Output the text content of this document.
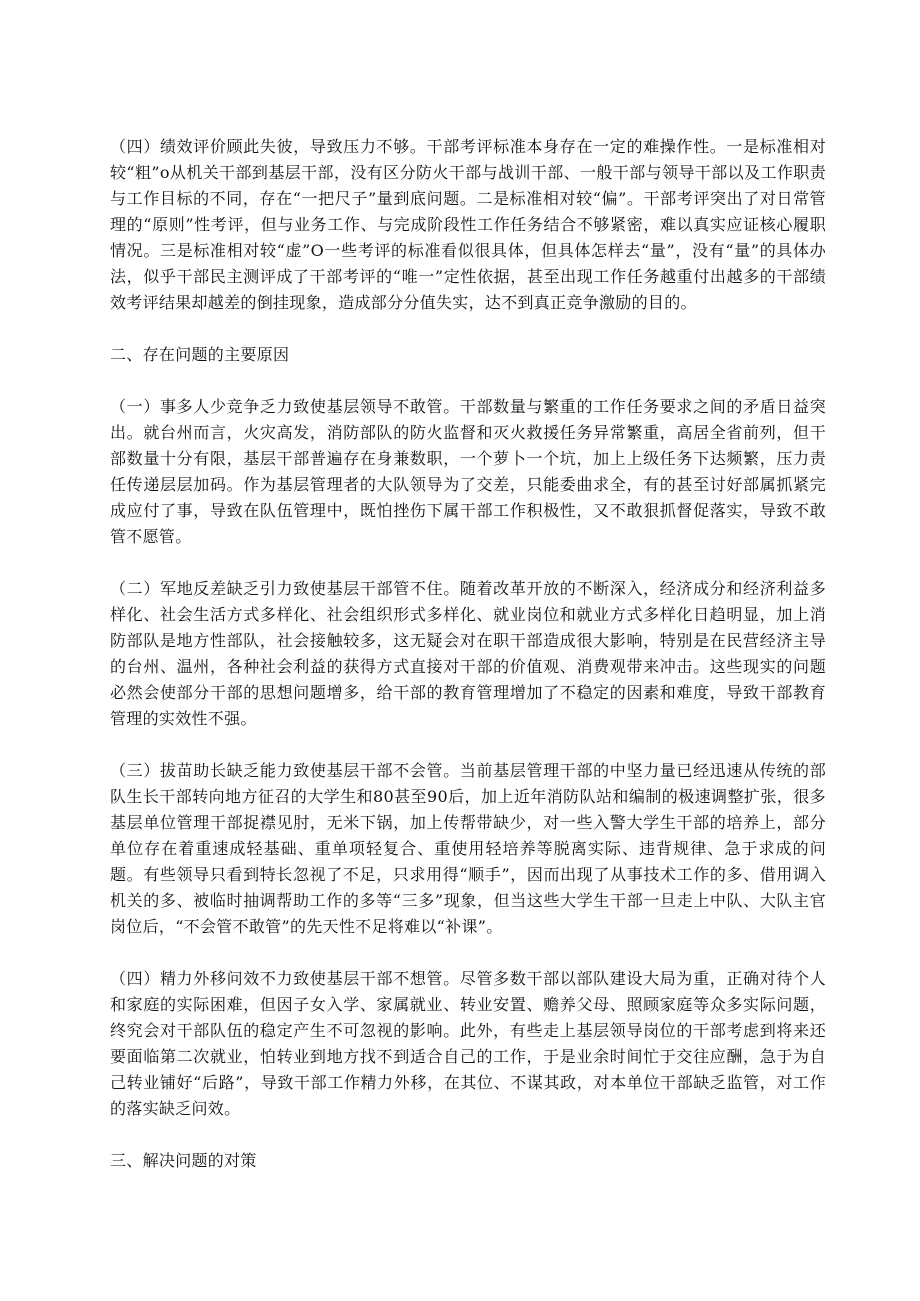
（四）绩效评价顾此失彼，导致压力不够。干部考评标准本身存在一定的难操作性。一是标准相对较“粗”o从机关干部到基层干部，没有区分防火干部与战训干部、一般干部与领导干部以及工作职责与工作目标的不同，存在“一把尺子”量到底问题。二是标准相对较“偏”。干部考评突出了对日常管理的“原则”性考评，但与业务工作、与完成阶段性工作任务结合不够紧密，难以真实应证核心履职情况。三是标准相对较“虚”O一些考评的标准看似很具体，但具体怎样去“量”，没有“量”的具体办法，似乎干部民主测评成了干部考评的“唯一”定性依据，甚至出现工作任务越重付出越多的干部绩效考评结果却越差的倒挂现象，造成部分分值失实，达不到真正竞争激励的目的。

二、存在问题的主要原因

（一）事多人少竞争乏力致使基层领导不敢管。干部数量与繁重的工作任务要求之间的矛盾日益突出。就台州而言，火灾高发，消防部队的防火监督和灭火救援任务异常繁重，高居全省前列，但干部数量十分有限，基层干部普遍存在身兼数职，一个萝卜一个坑，加上上级任务下达频繁，压力责任传递层层加码。作为基层管理者的大队领导为了交差，只能委曲求全，有的甚至讨好部属抓紧完成应付了事，导致在队伍管理中，既怕挫伤下属干部工作积极性，又不敢狠抓督促落实，导致不敢管不愿管。

（二）军地反差缺乏引力致使基层干部管不住。随着改革开放的不断深入，经济成分和经济利益多样化、社会生活方式多样化、社会组织形式多样化、就业岗位和就业方式多样化日趋明显，加上消防部队是地方性部队，社会接触较多，这无疑会对在职干部造成很大影响，特别是在民营经济主导的台州、温州，各种社会利益的获得方式直接对干部的价值观、消费观带来冲击。这些现实的问题必然会使部分干部的思想问题增多，给干部的教育管理增加了不稳定的因素和难度，导致干部教育管理的实效性不强。

（三）拔苗助长缺乏能力致使基层干部不会管。当前基层管理干部的中坚力量已经迅速从传统的部队生长干部转向地方征召的大学生和80甚至90后，加上近年消防队站和编制的极速调整扩张，很多基层单位管理干部捉襟见肘，无米下锅，加上传帮带缺少，对一些入警大学生干部的培养上，部分单位存在着重速成轻基础、重单项轻复合、重使用轻培养等脱离实际、违背规律、急于求成的问题。有些领导只看到特长忽视了不足，只求用得“顺手”，因而出现了从事技术工作的多、借用调入机关的多、被临时抽调帮助工作的多等“三多”现象，但当这些大学生干部一旦走上中队、大队主官岗位后，“不会管不敢管”的先天性不足将难以“补课”。

（四）精力外移问效不力致使基层干部不想管。尽管多数干部以部队建设大局为重，正确对待个人和家庭的实际困难，但因子女入学、家属就业、转业安置、赡养父母、照顾家庭等众多实际问题，终究会对干部队伍的稳定产生不可忽视的影响。此外，有些走上基层领导岗位的干部考虑到将来还要面临第二次就业，怕转业到地方找不到适合自己的工作，于是业余时间忙于交往应酬，急于为自己转业铺好“后路”，导致干部工作精力外移，在其位、不谋其政，对本单位干部缺乏监管，对工作的落实缺乏问效。

三、解决问题的对策
